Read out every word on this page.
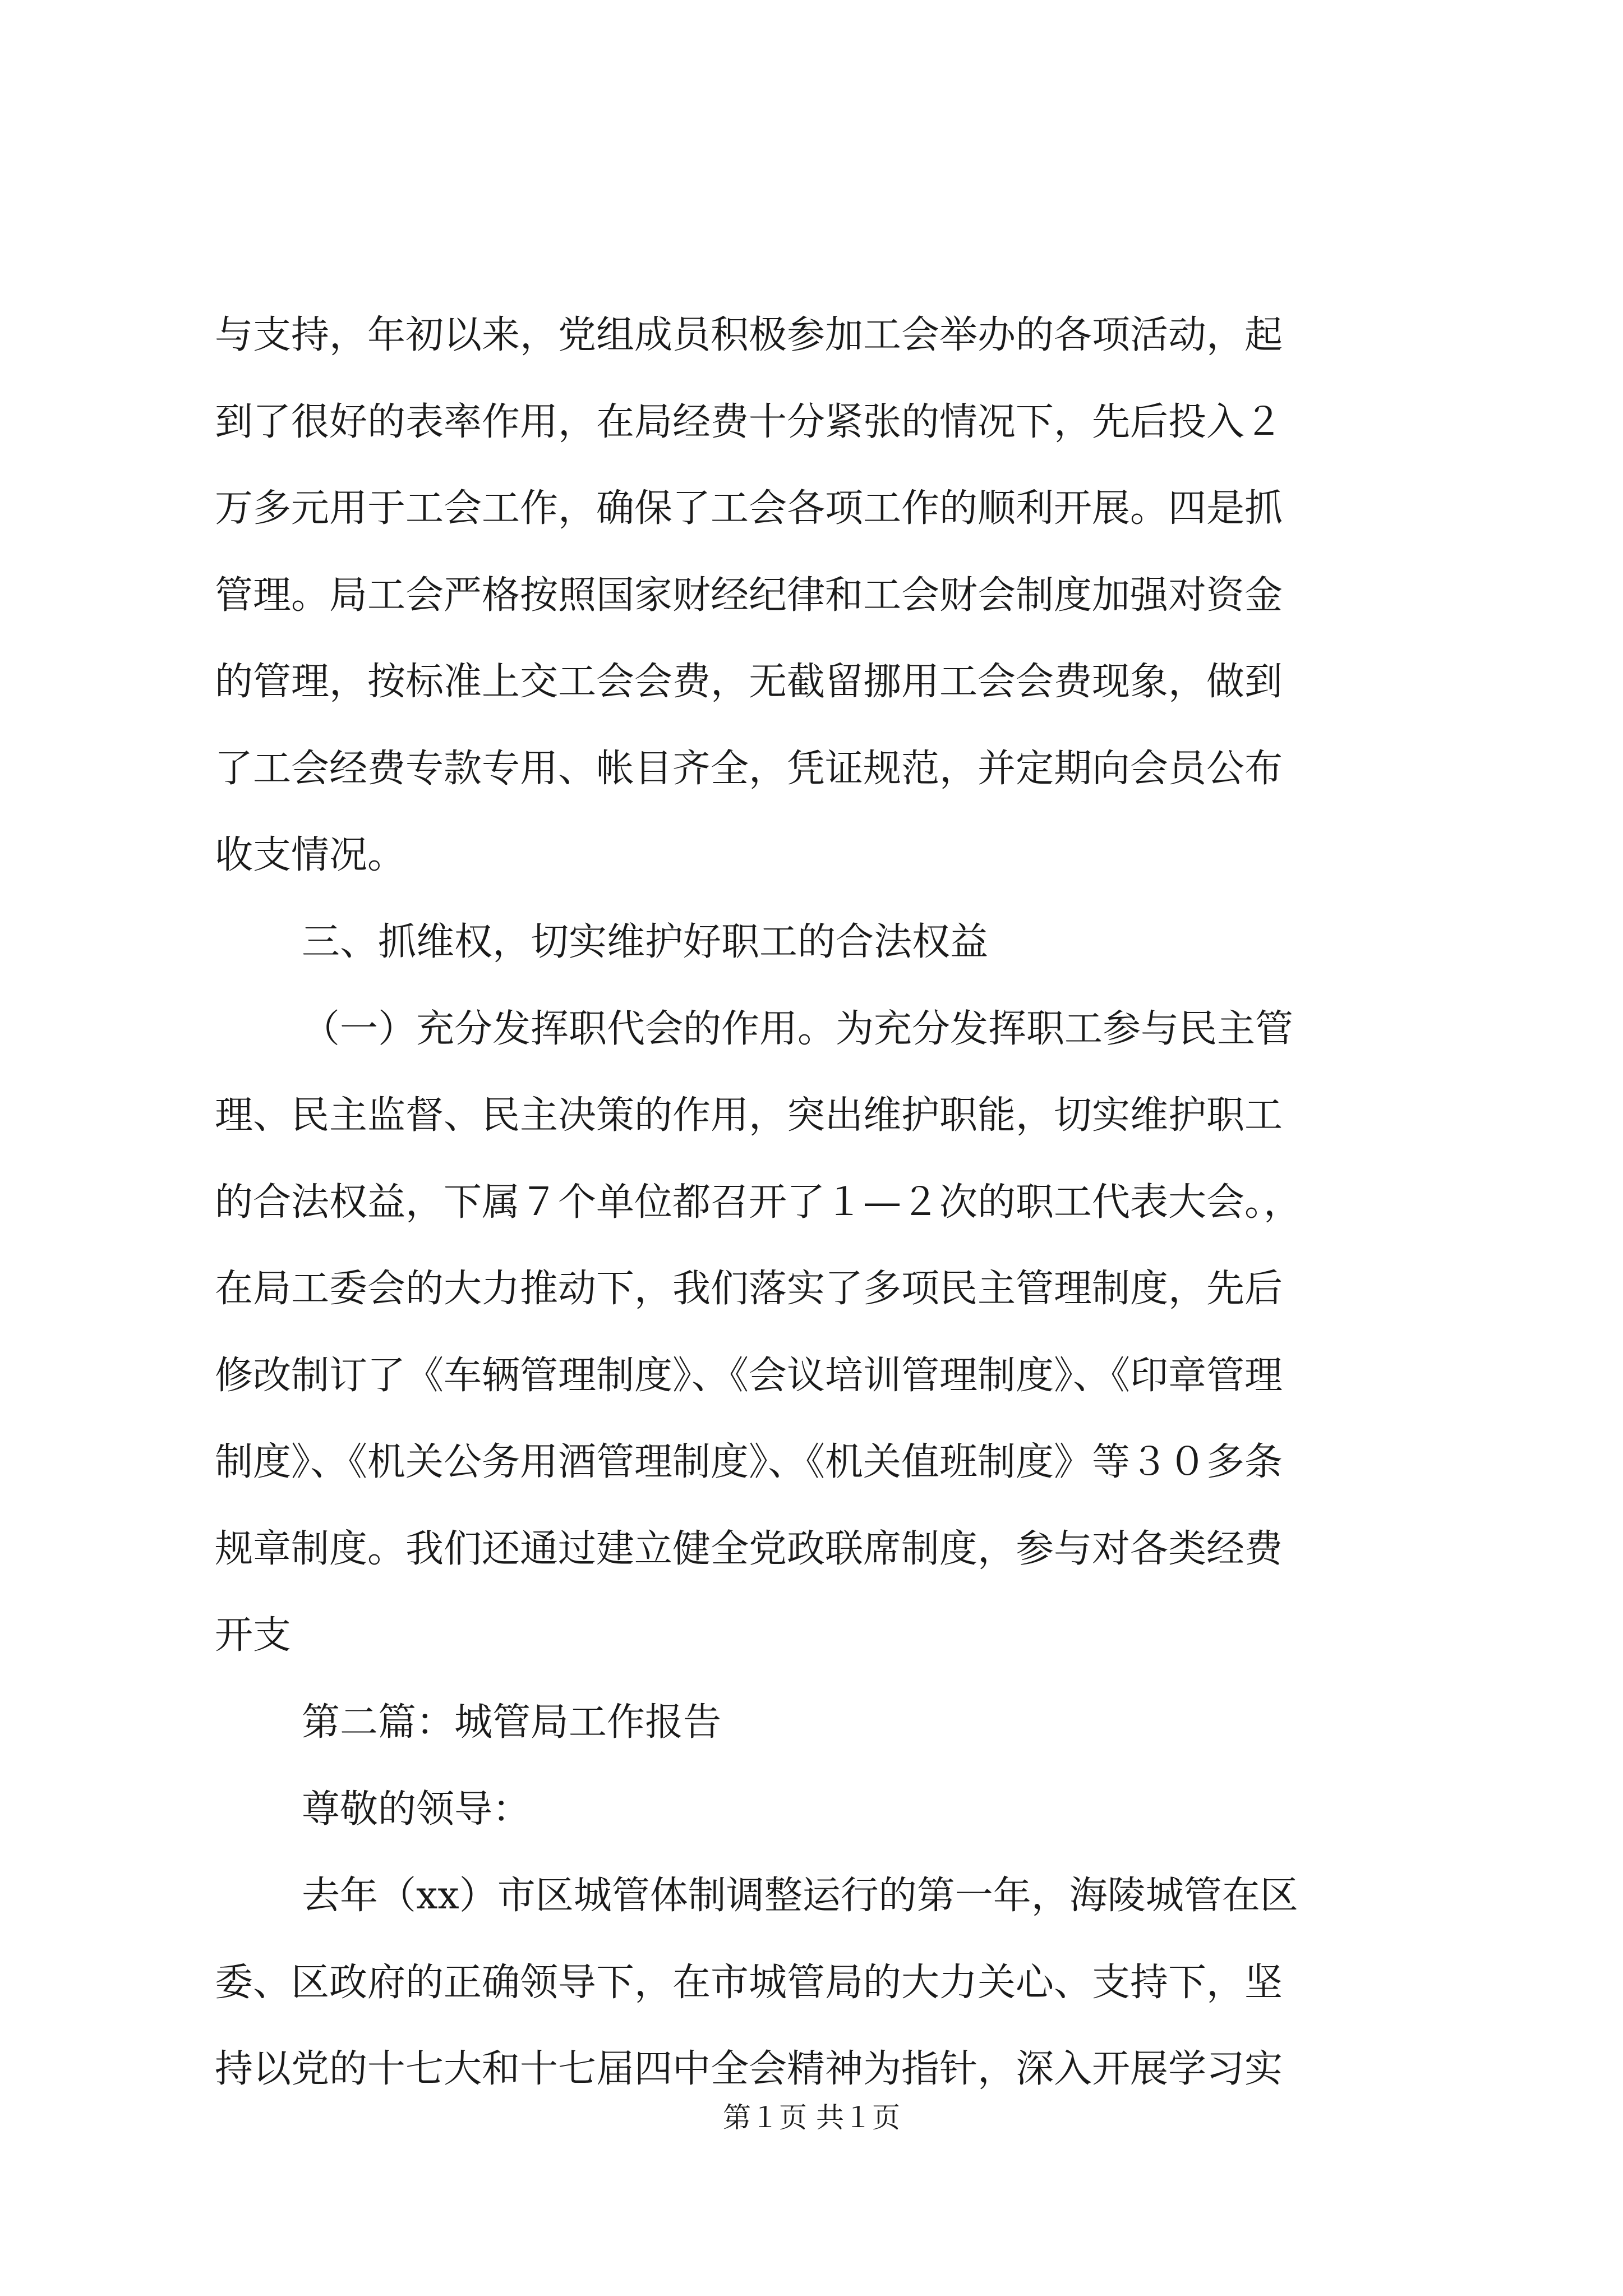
与支持，年初以来，党组成员积极参加工会举办的各项活动，起
到了很好的表率作用，在局经费十分紧张的情况下，先后投入２
万多元用于工会工作，确保了工会各项工作的顺利开展。四是抓
管理。局工会严格按照国家财经纪律和工会财会制度加强对资金
的管理，按标准上交工会会费，无截留挪用工会会费现象，做到
了工会经费专款专用、帐目齐全，凭证规范，并定期向会员公布
收支情况。
三、抓维权，切实维护好职工的合法权益
（一）充分发挥职代会的作用。为充分发挥职工参与民主管
理、民主监督、民主决策的作用，突出维护职能，切实维护职工
的合法权益，下属７个单位都召开了１—２次的职工代表大会。，
在局工委会的大力推动下，我们落实了多项民主管理制度，先后
修改制订了《车辆管理制度》、《会议培训管理制度》、《印章管理
制度》、《机关公务用酒管理制度》、《机关值班制度》等３０多条
规章制度。我们还通过建立健全党政联席制度，参与对各类经费
开支
第二篇：城管局工作报告
尊敬的领导：
去年（xx）市区城管体制调整运行的第一年，海陵城管在区
委、区政府的正确领导下，在市城管局的大力关心、支持下，坚
持以党的十七大和十七届四中全会精神为指针，深入开展学习实
第１页 共１页
